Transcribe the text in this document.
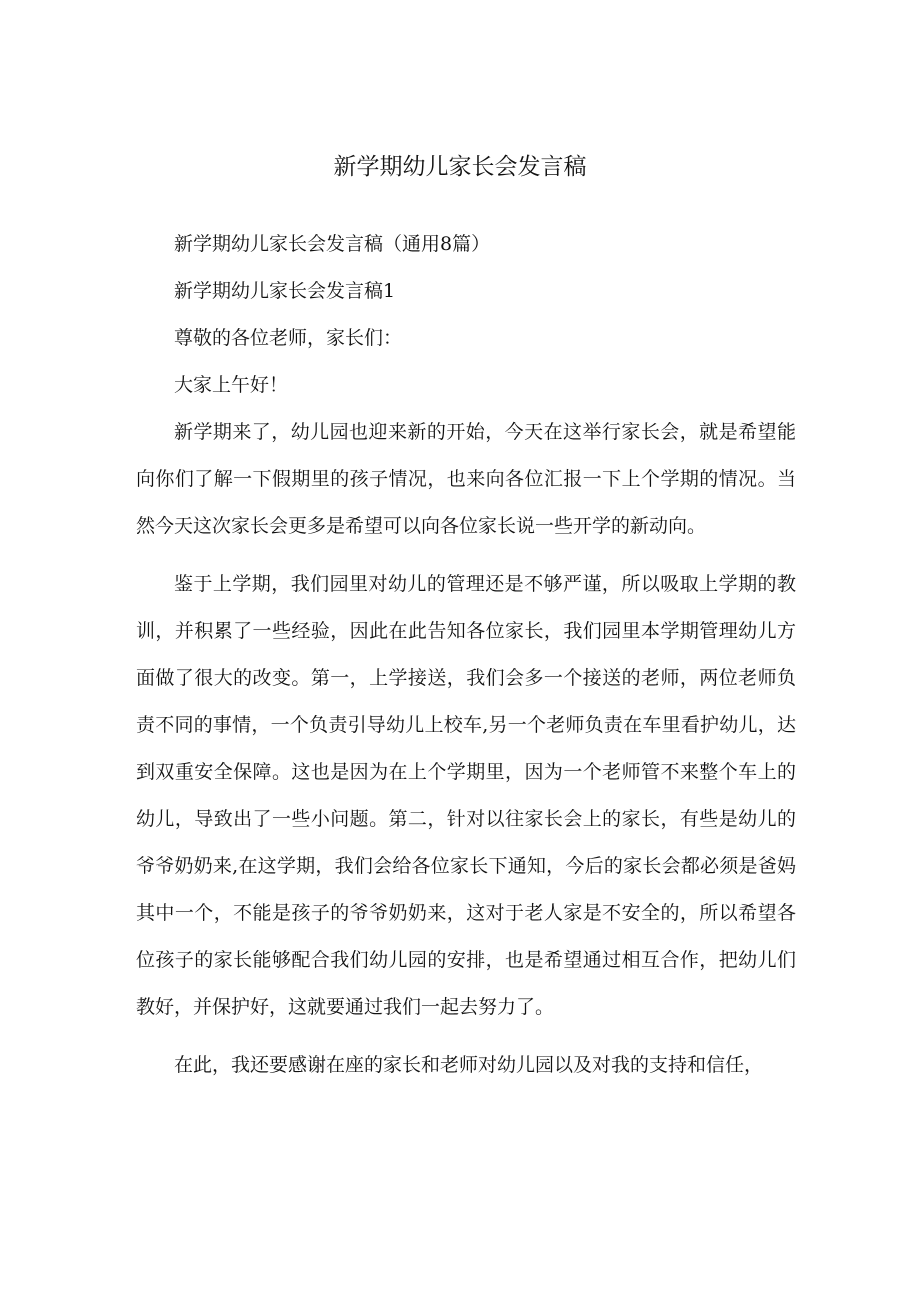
新学期幼儿家长会发言稿

新学期幼儿家长会发言稿（通用8篇）

新学期幼儿家长会发言稿1

尊敬的各位老师，家长们：

大家上午好！

新学期来了，幼儿园也迎来新的开始，今天在这举行家长会，就是希望能向你们了解一下假期里的孩子情况，也来向各位汇报一下上个学期的情况。当然今天这次家长会更多是希望可以向各位家长说一些开学的新动向。

鉴于上学期，我们园里对幼儿的管理还是不够严谨，所以吸取上学期的教训，并积累了一些经验，因此在此告知各位家长，我们园里本学期管理幼儿方面做了很大的改变。第一，上学接送，我们会多一个接送的老师，两位老师负责不同的事情，一个负责引导幼儿上校车,另一个老师负责在车里看护幼儿，达到双重安全保障。这也是因为在上个学期里，因为一个老师管不来整个车上的幼儿，导致出了一些小问题。第二，针对以往家长会上的家长，有些是幼儿的爷爷奶奶来,在这学期，我们会给各位家长下通知，今后的家长会都必须是爸妈其中一个，不能是孩子的爷爷奶奶来，这对于老人家是不安全的，所以希望各位孩子的家长能够配合我们幼儿园的安排，也是希望通过相互合作，把幼儿们教好，并保护好，这就要通过我们一起去努力了。

在此，我还要感谢在座的家长和老师对幼儿园以及对我的支持和信任，
